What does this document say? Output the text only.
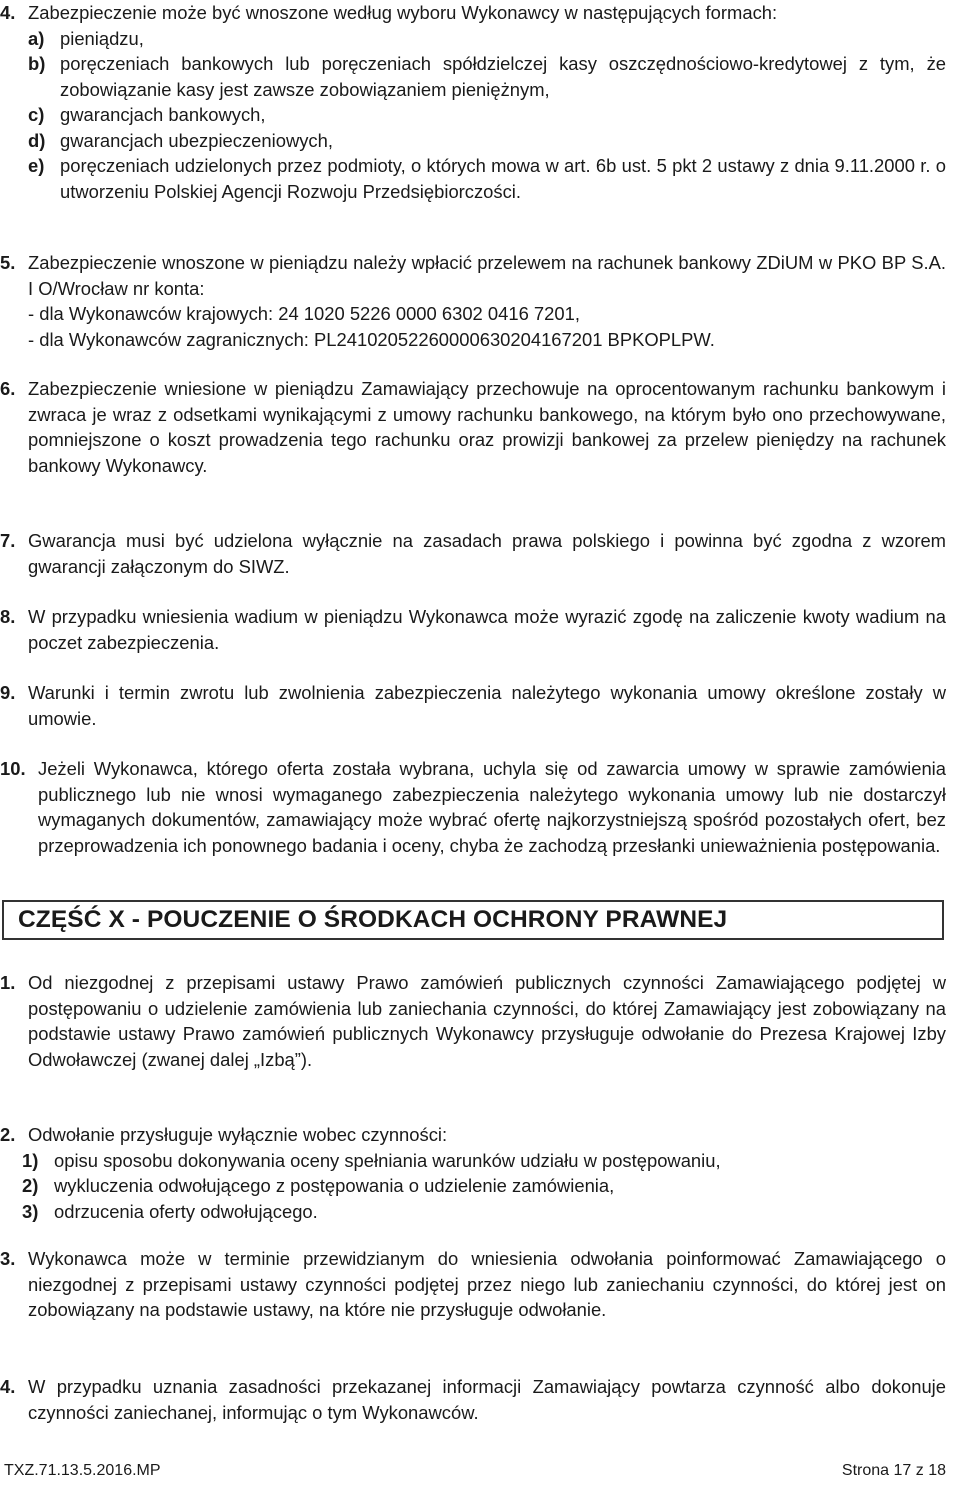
4. Zabezpieczenie może być wnoszone według wyboru Wykonawcy w następujących formach:
a) pieniądzu,
b) poręczeniach bankowych lub poręczeniach spółdzielczej kasy oszczędnościowo-kredytowej z tym, że zobowiązanie kasy jest zawsze zobowiązaniem pieniężnym,
c) gwarancjach bankowych,
d) gwarancjach ubezpieczeniowych,
e) poręczeniach udzielonych przez podmioty, o których mowa w art. 6b ust. 5 pkt 2 ustawy z dnia 9.11.2000 r. o utworzeniu Polskiej Agencji Rozwoju Przedsiębiorczości.
5. Zabezpieczenie wnoszone w pieniądzu należy wpłacić przelewem na rachunek bankowy ZDiUM w PKO BP S.A. I O/Wrocław nr konta:
- dla Wykonawców krajowych: 24 1020 5226 0000 6302 0416 7201,
- dla Wykonawców zagranicznych: PL24102052260000630204167201 BPKOPLPW.
6. Zabezpieczenie wniesione w pieniądzu Zamawiający przechowuje na oprocentowanym rachunku bankowym i zwraca je wraz z odsetkami wynikającymi z umowy rachunku bankowego, na którym było ono przechowywane, pomniejszone o koszt prowadzenia tego rachunku oraz prowizji bankowej za przelew pieniędzy na rachunek bankowy Wykonawcy.
7. Gwarancja musi być udzielona wyłącznie na zasadach prawa polskiego i powinna być zgodna z wzorem gwarancji załączonym do SIWZ.
8. W przypadku wniesienia wadium w pieniądzu Wykonawca może wyrazić zgodę na zaliczenie kwoty wadium na poczet zabezpieczenia.
9. Warunki i termin zwrotu lub zwolnienia zabezpieczenia należytego wykonania umowy określone zostały w umowie.
10. Jeżeli Wykonawca, którego oferta została wybrana, uchyla się od zawarcia umowy w sprawie zamówienia publicznego lub nie wnosi wymaganego zabezpieczenia należytego wykonania umowy lub nie dostarczył wymaganych dokumentów, zamawiający może wybrać ofertę najkorzystniejszą spośród pozostałych ofert, bez przeprowadzenia ich ponownego badania i oceny, chyba że zachodzą przesłanki unieważnienia postępowania.
CZĘŚĆ X - POUCZENIE O ŚRODKACH OCHRONY PRAWNEJ
1. Od niezgodnej z przepisami ustawy Prawo zamówień publicznych czynności Zamawiającego podjętej w postępowaniu o udzielenie zamówienia lub zaniechania czynności, do której Zamawiający jest zobowiązany na podstawie ustawy Prawo zamówień publicznych Wykonawcy przysługuje odwołanie do Prezesa Krajowej Izby Odwoławczej (zwanej dalej „Izbą”).
2. Odwołanie przysługuje wyłącznie wobec czynności:
1) opisu sposobu dokonywania oceny spełniania warunków udziału w postępowaniu,
2) wykluczenia odwołującego z postępowania o udzielenie zamówienia,
3) odrzucenia oferty odwołującego.
3. Wykonawca może w terminie przewidzianym do wniesienia odwołania poinformować Zamawiającego o niezgodnej z przepisami ustawy czynności podjętej przez niego lub zaniechaniu czynności, do której jest on zobowiązany na podstawie ustawy, na które nie przysługuje odwołanie.
4. W przypadku uznania zasadności przekazanej informacji Zamawiający powtarza czynność albo dokonuje czynności zaniechanej, informując o tym Wykonawców.
TXZ.71.13.5.2016.MP	Strona 17 z 18
